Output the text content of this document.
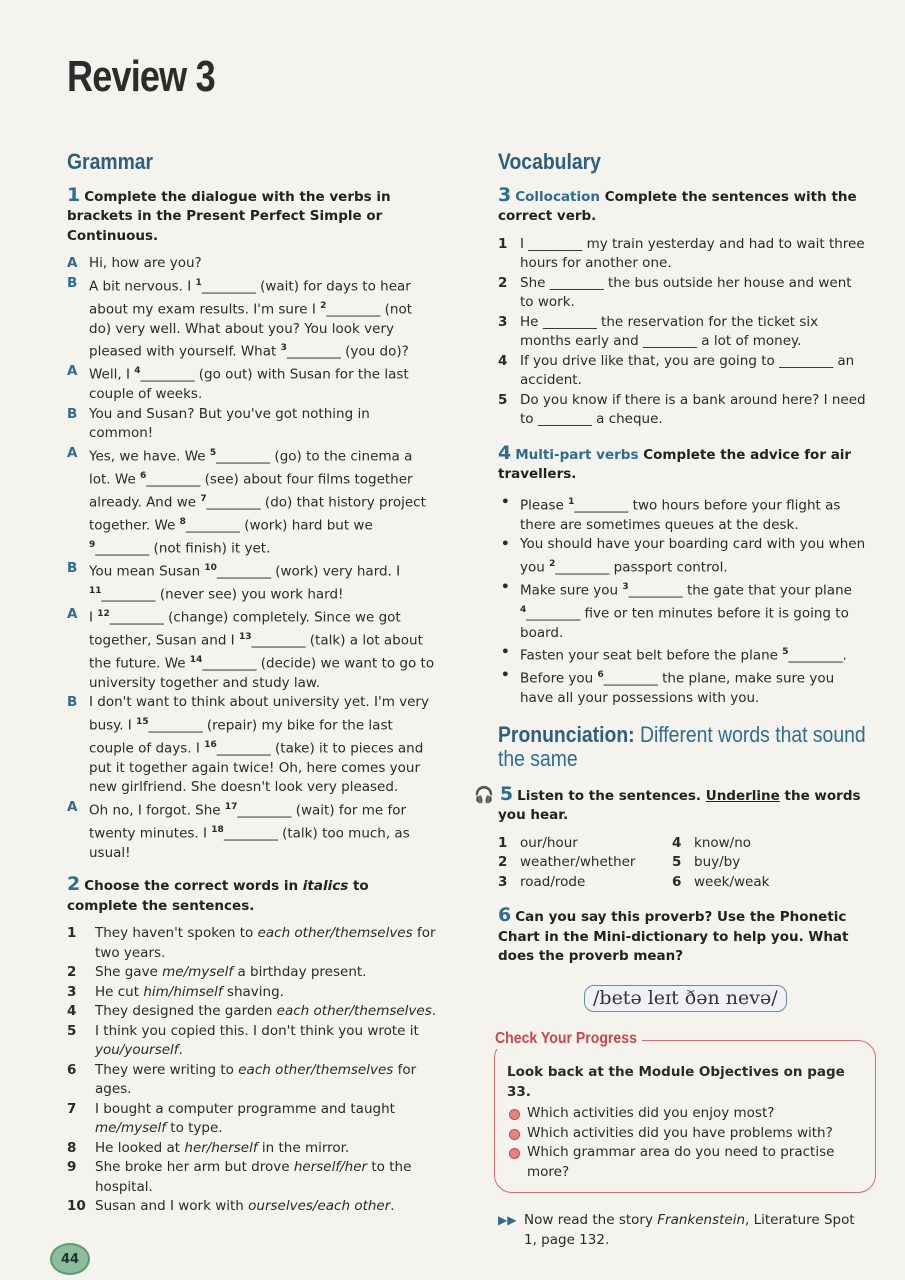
Review 3
Grammar
1 Complete the dialogue with the verbs in brackets in the Present Perfect Simple or Continuous.
A Hi, how are you?
B A bit nervous. I $^1$________ (wait) for days to hear about my exam results. I'm sure I $^2$________ (not do) very well. What about you? You look very pleased with yourself. What $^3$________ (you do)?
A Well, I $^4$________ (go out) with Susan for the last couple of weeks.
B You and Susan? But you've got nothing in common!
A Yes, we have. We $^5$________ (go) to the cinema a lot. We $^6$________ (see) about four films together already. And we $^7$________ (do) that history project together. We $^8$________ (work) hard but we $^9$________ (not finish) it yet.
B You mean Susan $^{10}$________ (work) very hard. I $^{11}$________ (never see) you work hard!
A I $^{12}$________ (change) completely. Since we got together, Susan and I $^{13}$________ (talk) a lot about the future. We $^{14}$________ (decide) we want to go to university together and study law.
B I don't want to think about university yet. I'm very busy. I $^{15}$________ (repair) my bike for the last couple of days. I $^{16}$________ (take) it to pieces and put it together again twice! Oh, here comes your new girlfriend. She doesn't look very pleased.
A Oh no, I forgot. She $^{17}$________ (wait) for me for twenty minutes. I $^{18}$________ (talk) too much, as usual!
2 Choose the correct words in italics to complete the sentences.
1	They haven't spoken to each other/themselves for two years.
2	She gave me/myself a birthday present.
3	He cut him/himself shaving.
4	They designed the garden each other/themselves.
5	I think you copied this. I don't think you wrote it you/yourself.
6	They were writing to each other/themselves for ages.
7	I bought a computer programme and taught me/myself to type.
8	He looked at her/herself in the mirror.
9	She broke her arm but drove herself/her to the hospital.
10 Susan and I work with ourselves/each other.
Vocabulary
3 Collocation Complete the sentences with the correct verb.
1 I ________ my train yesterday and had to wait three hours for another one.
2 She ________ the bus outside her house and went to work.
3 He ________ the reservation for the ticket six months early and ________ a lot of money.
4 If you drive like that, you are going to ________ an accident.
5 Do you know if there is a bank around here? I need to ________ a cheque.
4 Multi-part verbs Complete the advice for air travellers.
• Please $^1$________ two hours before your flight as there are sometimes queues at the desk.
• You should have your boarding card with you when you $^2$________ passport control.
• Make sure you $^3$________ the gate that your plane $^4$________ five or ten minutes before it is going to board.
• Fasten your seat belt before the plane $^5$________.
• Before you $^6$________ the plane, make sure you have all your possessions with you.
Pronunciation: Different words that sound the same
🎧 5 Listen to the sentences. Underline the words you hear.
1 our/hour	4 know/no
2 weather/whether	5 buy/by
3 road/rode	6 week/weak
6 Can you say this proverb? Use the Phonetic Chart in the Mini-dictionary to help you. What does the proverb mean?
/betə leɪt ðən nevə/
Check Your Progress
Look back at the Module Objectives on page 33.
Which activities did you enjoy most?
Which activities did you have problems with?
Which grammar area do you need to practise more?
▶▶ Now read the story Frankenstein, Literature Spot 1, page 132.
44
